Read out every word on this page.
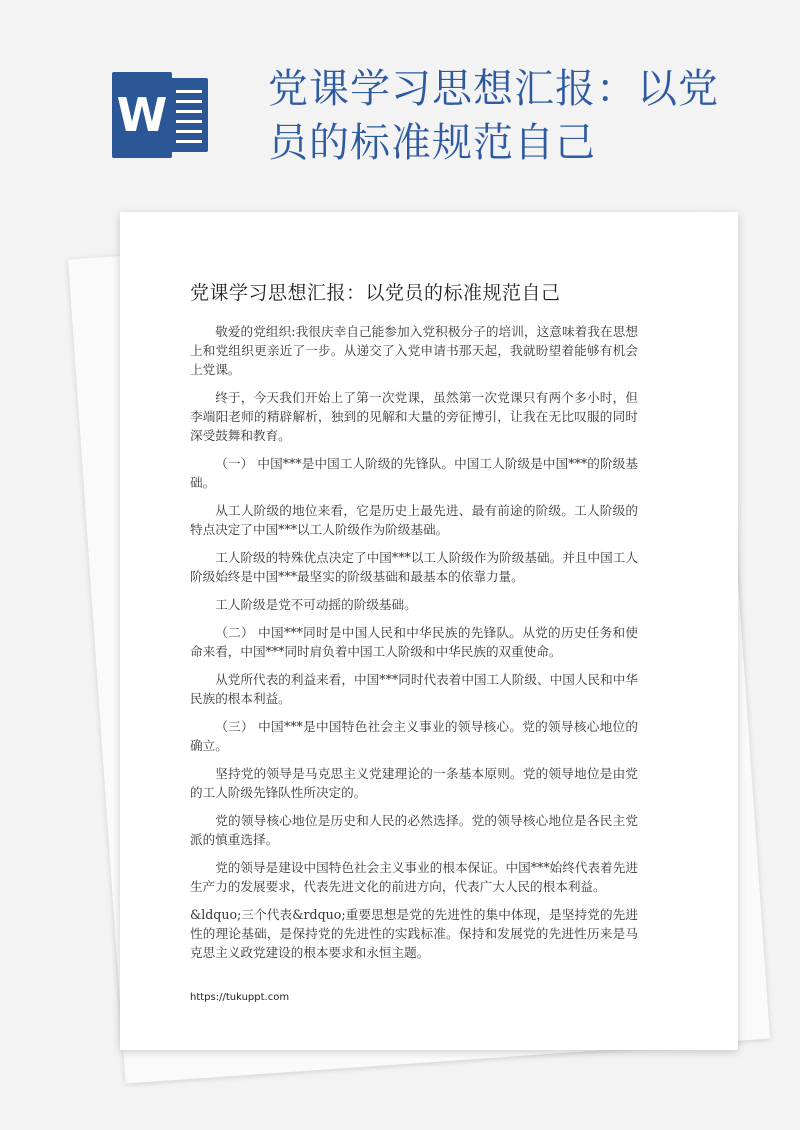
W	党课学习思想汇报：以党员的标准规范自己
党课学习思想汇报：以党员的标准规范自己

敬爱的党组织:我很庆幸自己能参加入党积极分子的培训，这意味着我在思想上和党组织更亲近了一步。从递交了入党申请书那天起，我就盼望着能够有机会上党课。

终于，今天我们开始上了第一次党课，虽然第一次党课只有两个多小时，但李端阳老师的精辟解析，独到的见解和大量的旁征博引，让我在无比叹服的同时深受鼓舞和教育。

（一） 中国***是中国工人阶级的先锋队。中国工人阶级是中国***的阶级基础。

从工人阶级的地位来看，它是历史上最先进、最有前途的阶级。工人阶级的特点决定了中国***以工人阶级作为阶级基础。

工人阶级的特殊优点决定了中国***以工人阶级作为阶级基础。并且中国工人阶级始终是中国***最坚实的阶级基础和最基本的依靠力量。

工人阶级是党不可动摇的阶级基础。

（二） 中国***同时是中国人民和中华民族的先锋队。从党的历史任务和使命来看，中国***同时肩负着中国工人阶级和中华民族的双重使命。

从党所代表的利益来看，中国***同时代表着中国工人阶级、中国人民和中华民族的根本利益。

（三） 中国***是中国特色社会主义事业的领导核心。党的领导核心地位的确立。

坚持党的领导是马克思主义党建理论的一条基本原则。党的领导地位是由党的工人阶级先锋队性所决定的。

党的领导核心地位是历史和人民的必然选择。党的领导核心地位是各民主党派的慎重选择。

党的领导是建设中国特色社会主义事业的根本保证。中国***始终代表着先进生产力的发展要求，代表先进文化的前进方向，代表广大人民的根本利益。

&ldquo;三个代表&rdquo;重要思想是党的先进性的集中体现，是坚持党的先进性的理论基础，是保持党的先进性的实践标准。保持和发展党的先进性历来是马克思主义政党建设的根本要求和永恒主题。

https://tukuppt.com
